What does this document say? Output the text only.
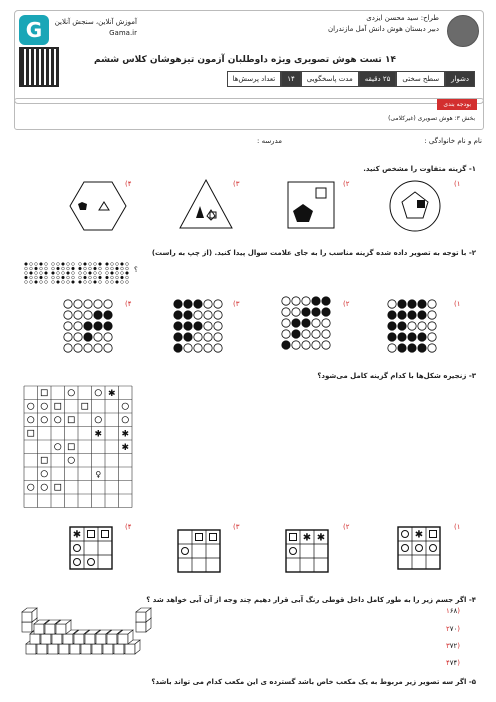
طراح: سید محسن ایزدی
دبیر دبستان هوش دانش آمل مازندران
G	آموزش آنلاین، سنجش آنلاین
Gama.ir
۱۴ تست هوش تصویری ویژه داوطلبان آزمون تیزهوشان کلاس ششم
تعداد پرسش‌ها	۱۴	مدت پاسخگویی	۲۵ دقیقه	سطح سختی	دشوار
بودجه بندی
بخش ۳: هوش تصویری (غیرکلامی)
نام و نام خانوادگی :
مدرسه :
۱- گزینه متفاوت را مشخص کنید.
(۱
(۲
(۳
(۴
۲- با توجه به تصویر داده شده گزینه مناسب را به جای علامت سوال پیدا کنید. (از چپ به راست)
؟
(۱
(۲
(۳
(۴
۳- زنجیره شکل‌ها با کدام گزینه کامل می‌شود؟
✱
✱ ✱
✱
♀
(۱
(۲
(۳
(۴
✱
✱ ✱
✱
۴- اگر جسم زیر را به طور کامل داخل قوطی رنگ آبی قرار دهیم چند وجه از آن آبی خواهد شد ؟
(۱۶۸
(۲۷۰
(۳۷۲
(۴۷۴
۵- اگر سه تصویر زیر مربوط به یک مکعب خاص باشد گسترده ی این مکعب کدام می تواند باشد؟
